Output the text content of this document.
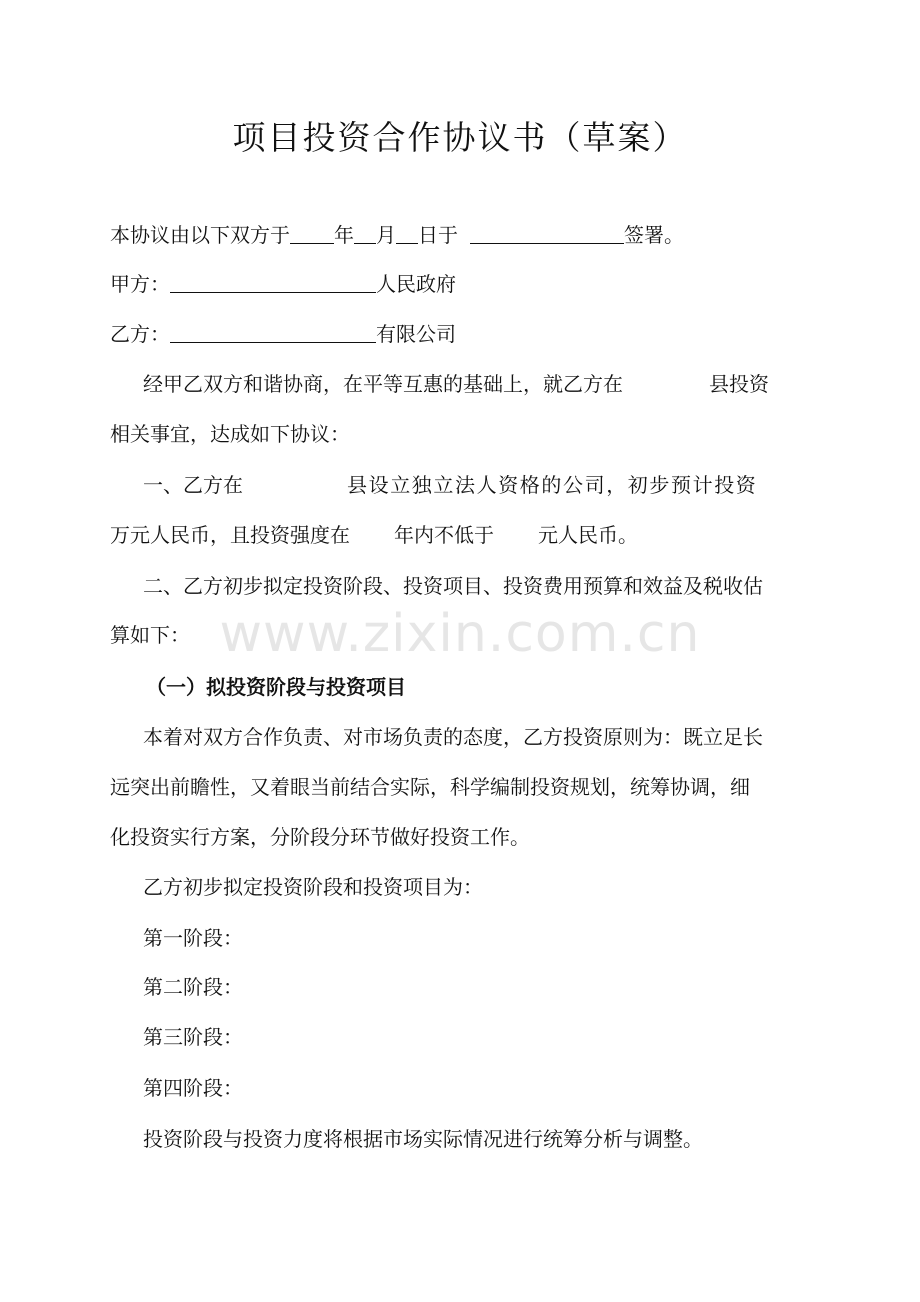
项目投资合作协议书（草案）
本协议由以下双方于 年 月 日于	签署。
甲方：	人民政府
乙方：	有限公司
经甲乙双方和谐协商，在平等互惠的基础上，就乙方在	县投资
相关事宜，达成如下协议：
一、乙方在	县设立独立法人资格的公司，初步预计投资
万元人民币，且投资强度在 年内不低于 元人民币。
二、乙方初步拟定投资阶段、投资项目、投资费用预算和效益及税收估
算如下：
（一）拟投资阶段与投资项目
本着对双方合作负责、对市场负责的态度，乙方投资原则为：既立足长
远突出前瞻性，又着眼当前结合实际，科学编制投资规划，统筹协调，细
化投资实行方案，分阶段分环节做好投资工作。
乙方初步拟定投资阶段和投资项目为：
第一阶段：
第二阶段：
第三阶段：
第四阶段：
投资阶段与投资力度将根据市场实际情况进行统筹分析与调整。
www.zixin.com.cn
